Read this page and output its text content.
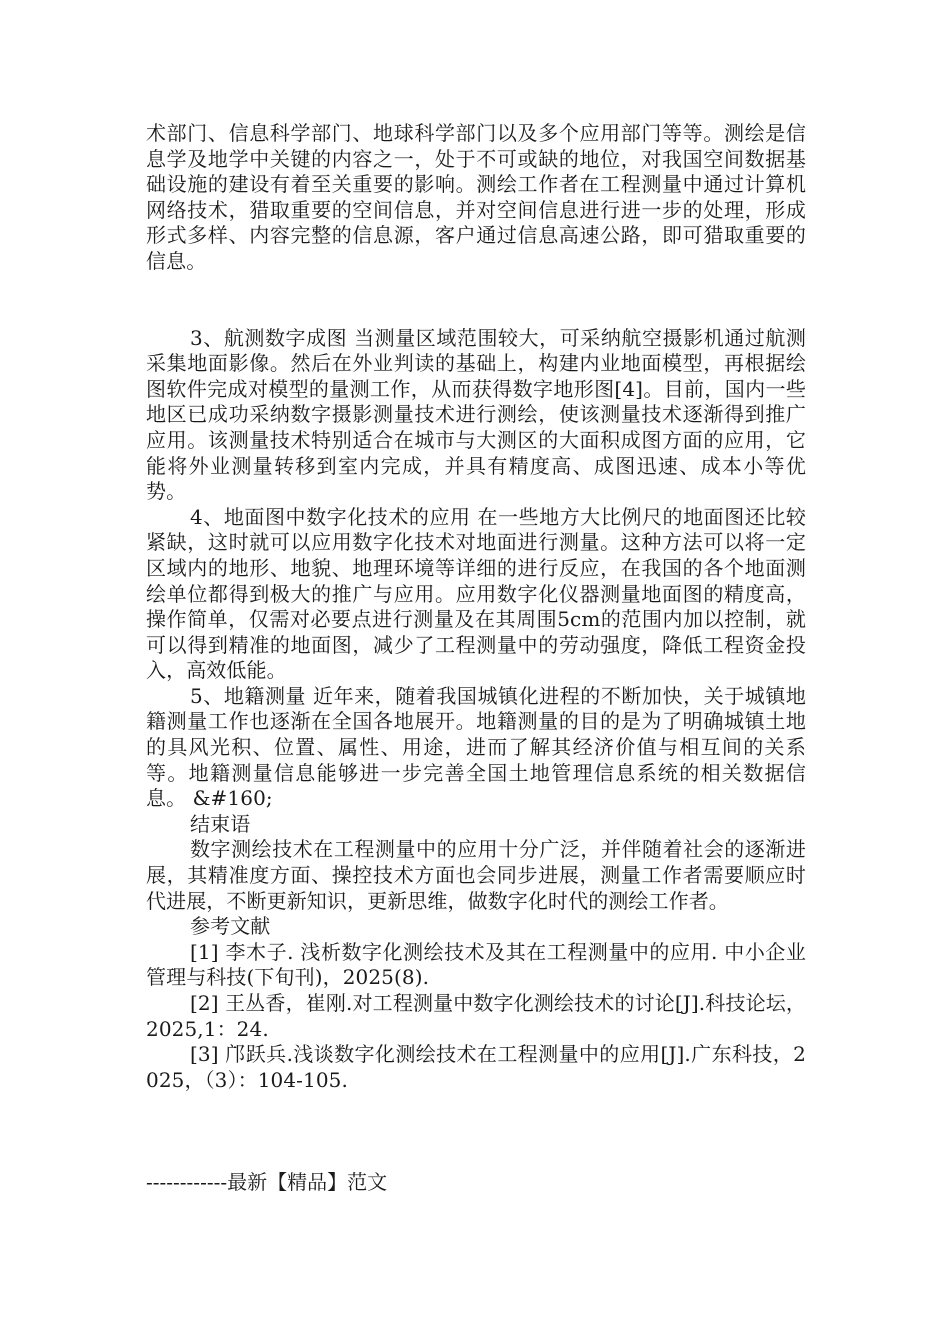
术部门、信息科学部门、地球科学部门以及多个应用部门等等。测绘是信息学及地学中关键的内容之一，处于不可或缺的地位，对我国空间数据基础设施的建设有着至关重要的影响。测绘工作者在工程测量中通过计算机网络技术，猎取重要的空间信息，并对空间信息进行进一步的处理，形成形式多样、内容完整的信息源，客户通过信息高速公路，即可猎取重要的信息。

3、航测数字成图 当测量区域范围较大，可采纳航空摄影机通过航测采集地面影像。然后在外业判读的基础上，构建内业地面模型，再根据绘图软件完成对模型的量测工作，从而获得数字地形图[4]。目前，国内一些地区已成功采纳数字摄影测量技术进行测绘，使该测量技术逐渐得到推广应用。该测量技术特别适合在城市与大测区的大面积成图方面的应用，它能将外业测量转移到室内完成，并具有精度高、成图迅速、成本小等优势。

4、地面图中数字化技术的应用 在一些地方大比例尺的地面图还比较紧缺，这时就可以应用数字化技术对地面进行测量。这种方法可以将一定区域内的地形、地貌、地理环境等详细的进行反应，在我国的各个地面测绘单位都得到极大的推广与应用。应用数字化仪器测量地面图的精度高，操作简单，仅需对必要点进行测量及在其周围5cm的范围内加以控制，就可以得到精准的地面图，减少了工程测量中的劳动强度，降低工程资金投入，高效低能。

5、地籍测量 近年来，随着我国城镇化进程的不断加快，关于城镇地籍测量工作也逐渐在全国各地展开。地籍测量的目的是为了明确城镇土地的具风光积、位置、属性、用途，进而了解其经济价值与相互间的关系等。地籍测量信息能够进一步完善全国土地管理信息系统的相关数据信息。 &#160;

结束语

数字测绘技术在工程测量中的应用十分广泛，并伴随着社会的逐渐进展，其精准度方面、操控技术方面也会同步进展，测量工作者需要顺应时代进展，不断更新知识，更新思维，做数字化时代的测绘工作者。

参考文献

[1] 李木子. 浅析数字化测绘技术及其在工程测量中的应用. 中小企业管理与科技(下旬刊)，2025(8).

[2] 王丛香，崔刚.对工程测量中数字化测绘技术的讨论[J].科技论坛，2025,1：24.

[3] 邝跃兵.浅谈数字化测绘技术在工程测量中的应用[J].广东科技，2025，（3）：104-105.

------------最新【精品】范文
